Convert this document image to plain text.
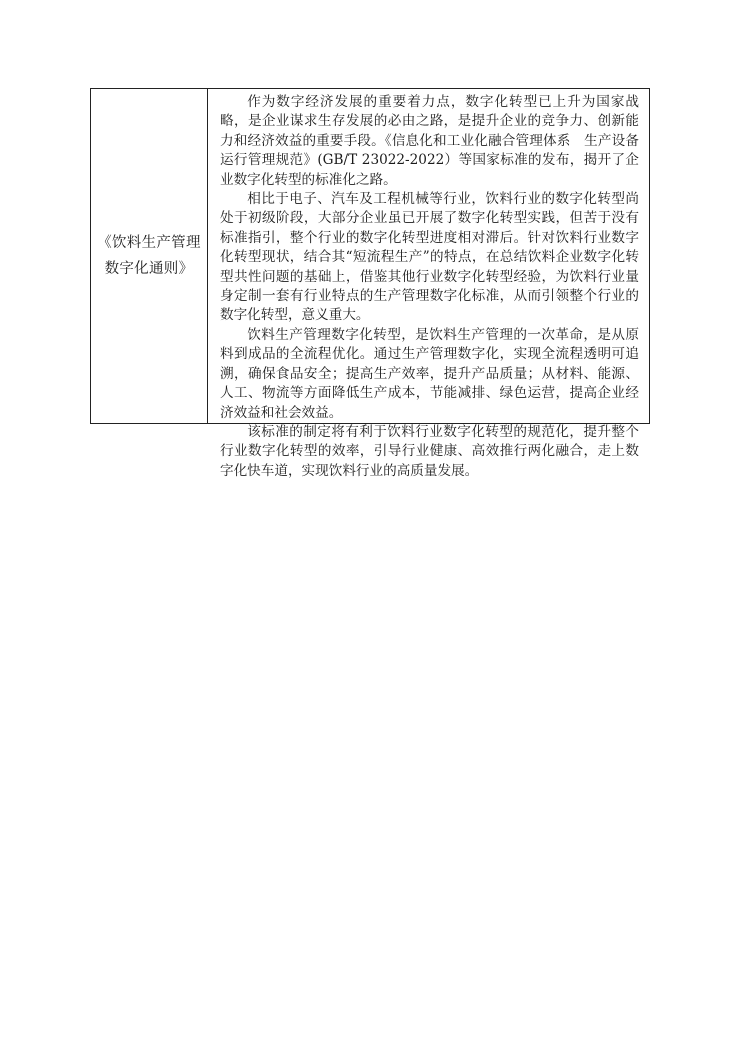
《饮料生产管理
数字化通则》

作为数字经济发展的重要着力点，数字化转型已上升为国家战略，是企业谋求生存发展的必由之路，是提升企业的竞争力、创新能力和经济效益的重要手段。《信息化和工业化融合管理体系　生产设备运行管理规范》(GB/T 23022-2022）等国家标准的发布，揭开了企业数字化转型的标准化之路。

相比于电子、汽车及工程机械等行业，饮料行业的数字化转型尚处于初级阶段，大部分企业虽已开展了数字化转型实践，但苦于没有标准指引，整个行业的数字化转型进度相对滞后。针对饮料行业数字化转型现状，结合其“短流程生产”的特点，在总结饮料企业数字化转型共性问题的基础上，借鉴其他行业数字化转型经验，为饮料行业量身定制一套有行业特点的生产管理数字化标准，从而引领整个行业的数字化转型，意义重大。

饮料生产管理数字化转型，是饮料生产管理的一次革命，是从原料到成品的全流程优化。通过生产管理数字化，实现全流程透明可追溯，确保食品安全；提高生产效率，提升产品质量；从材料、能源、人工、物流等方面降低生产成本，节能减排、绿色运营，提高企业经济效益和社会效益。

该标准的制定将有利于饮料行业数字化转型的规范化，提升整个行业数字化转型的效率，引导行业健康、高效推行两化融合，走上数字化快车道，实现饮料行业的高质量发展。
